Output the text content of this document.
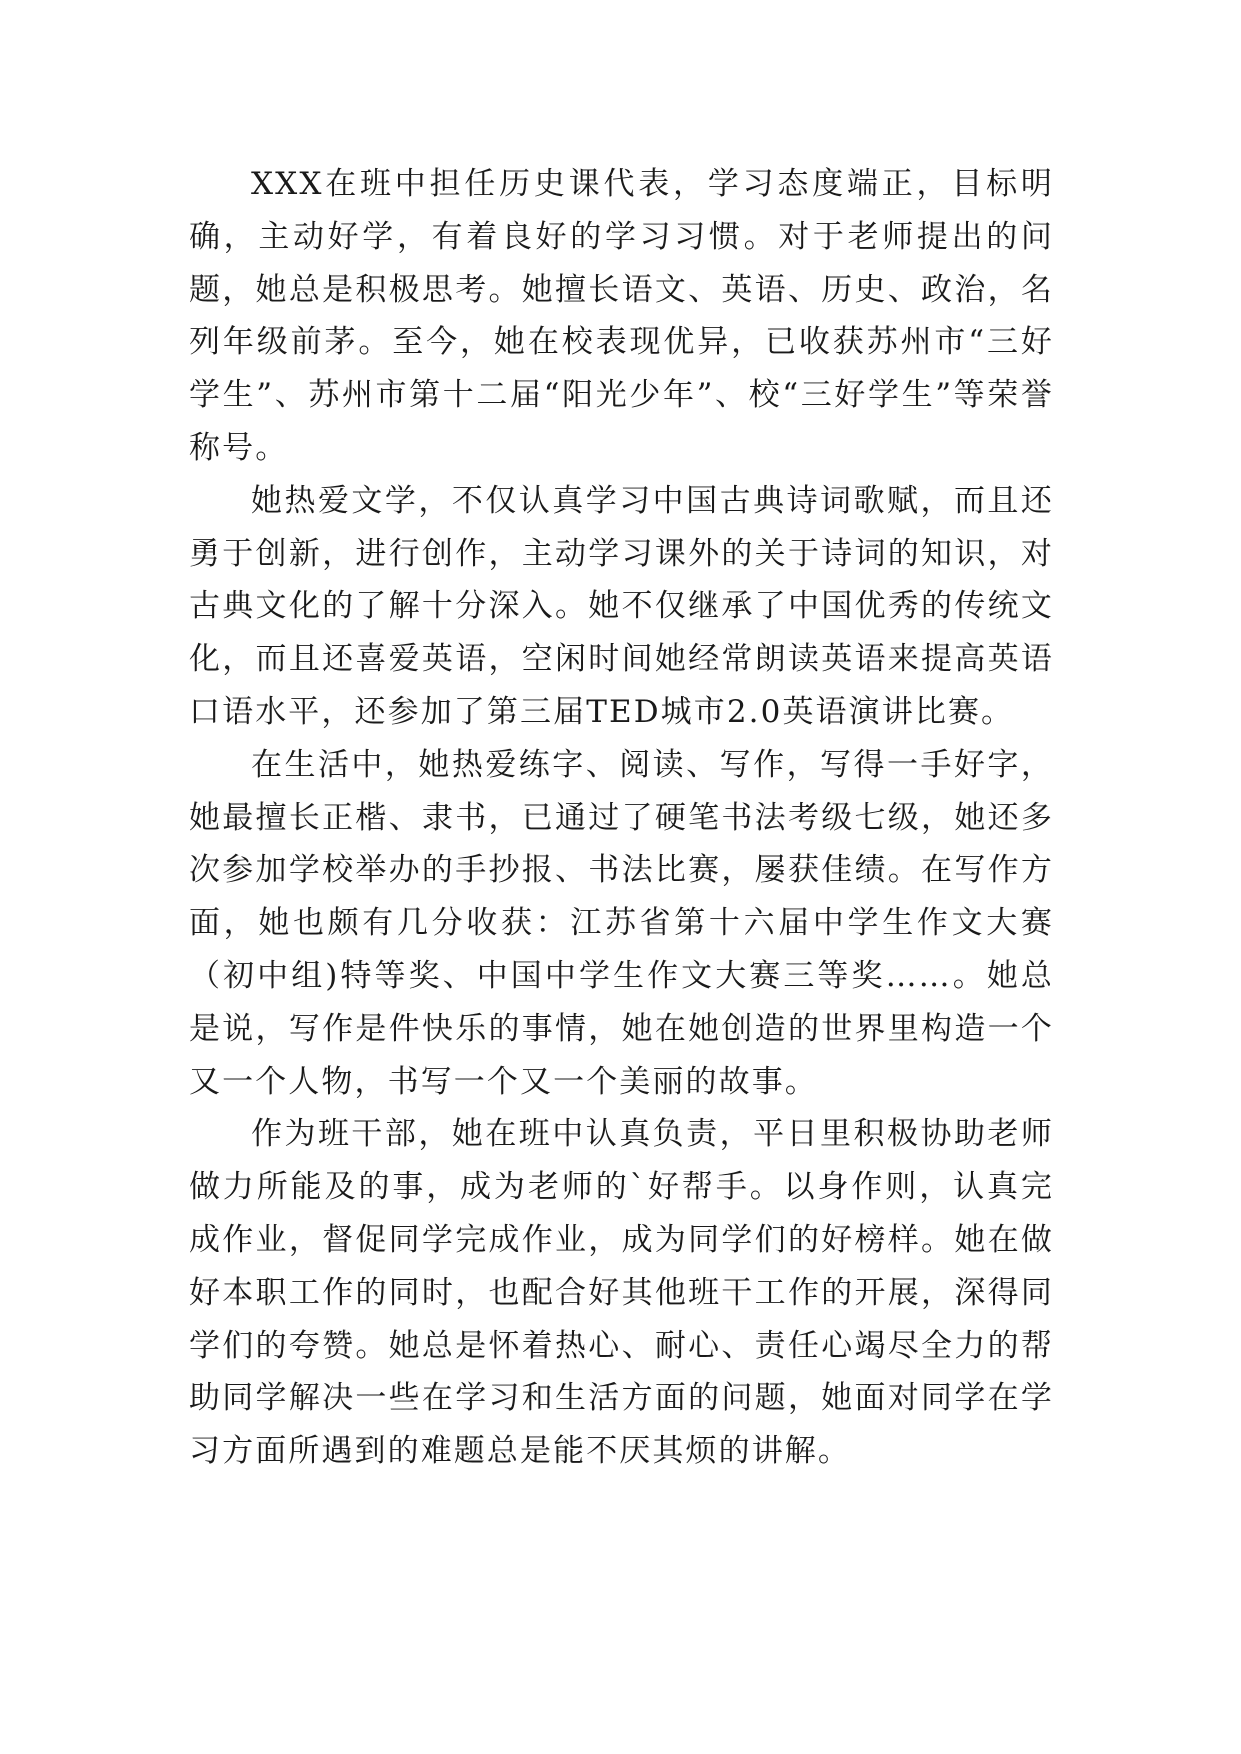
XXX在班中担任历史课代表，学习态度端正，目标明确，主动好学，有着良好的学习习惯。对于老师提出的问题，她总是积极思考。她擅长语文、英语、历史、政治，名列年级前茅。至今，她在校表现优异，已收获苏州市“三好学生”、苏州市第十二届“阳光少年”、校“三好学生”等荣誉称号。

她热爱文学，不仅认真学习中国古典诗词歌赋，而且还勇于创新，进行创作，主动学习课外的关于诗词的知识，对古典文化的了解十分深入。她不仅继承了中国优秀的传统文化，而且还喜爱英语，空闲时间她经常朗读英语来提高英语口语水平，还参加了第三届TED城市2.0英语演讲比赛。

在生活中，她热爱练字、阅读、写作，写得一手好字，她最擅长正楷、隶书，已通过了硬笔书法考级七级，她还多次参加学校举办的手抄报、书法比赛，屡获佳绩。在写作方面，她也颇有几分收获：江苏省第十六届中学生作文大赛（初中组)特等奖、中国中学生作文大赛三等奖……。她总是说，写作是件快乐的事情，她在她创造的世界里构造一个又一个人物，书写一个又一个美丽的故事。

作为班干部，她在班中认真负责，平日里积极协助老师做力所能及的事，成为老师的`好帮手。以身作则，认真完成作业，督促同学完成作业，成为同学们的好榜样。她在做好本职工作的同时，也配合好其他班干工作的开展，深得同学们的夸赞。她总是怀着热心、耐心、责任心竭尽全力的帮助同学解决一些在学习和生活方面的问题，她面对同学在学习方面所遇到的难题总是能不厌其烦的讲解。
